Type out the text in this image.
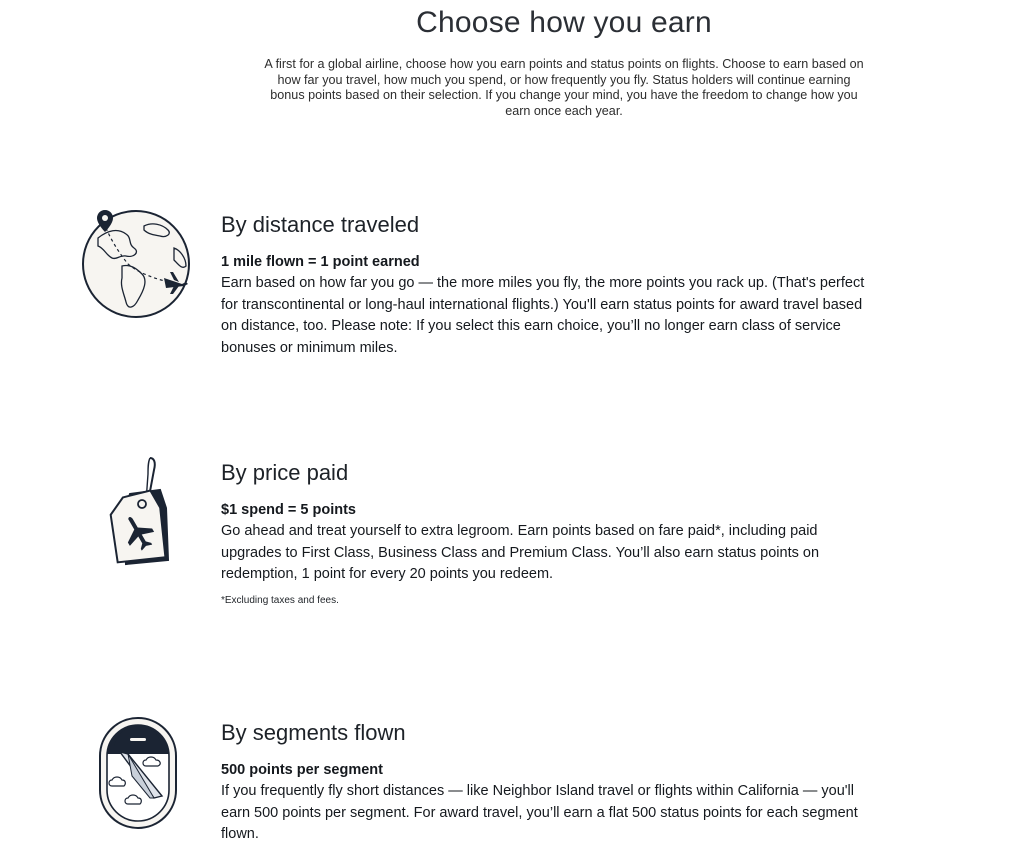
Choose how you earn

A first for a global airline, choose how you earn points and status points on flights. Choose to earn based on how far you travel, how much you spend, or how frequently you fly. Status holders will continue earning bonus points based on their selection. If you change your mind, you have the freedom to change how you earn once each year.

By distance traveled

1 mile flown = 1 point earned

Earn based on how far you go — the more miles you fly, the more points you rack up. (That's perfect for transcontinental or long-haul international flights.) You'll earn status points for award travel based on distance, too. Please note: If you select this earn choice, you’ll no longer earn class of service bonuses or minimum miles.

By price paid

$1 spend = 5 points

Go ahead and treat yourself to extra legroom. Earn points based on fare paid*, including paid upgrades to First Class, Business Class and Premium Class. You’ll also earn status points on redemption, 1 point for every 20 points you redeem.

*Excluding taxes and fees.

By segments flown

500 points per segment

If you frequently fly short distances — like Neighbor Island travel or flights within California — you'll earn 500 points per segment. For award travel, you’ll earn a flat 500 status points for each segment flown.
